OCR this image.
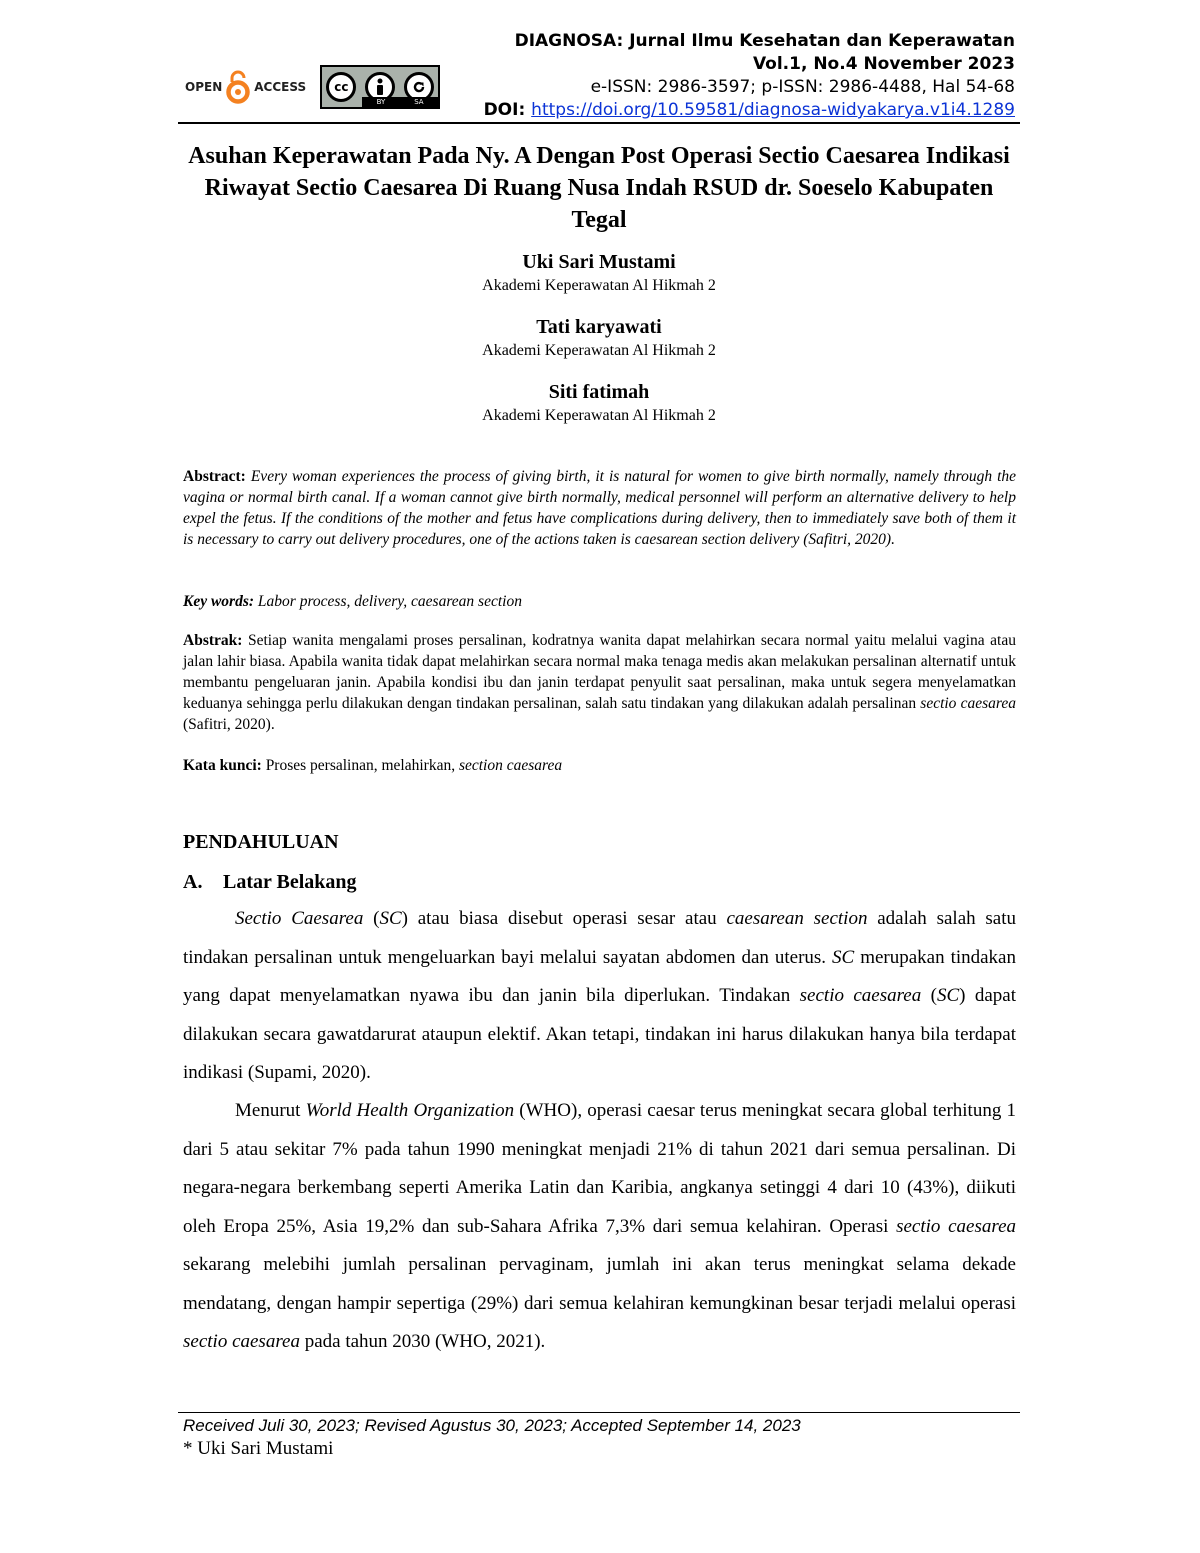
OPEN	ACCESS	cc
BY	SA
DIAGNOSA: Jurnal Ilmu Kesehatan dan Keperawatan
Vol.1, No.4 November 2023
e-ISSN: 2986-3597; p-ISSN: 2986-4488, Hal 54-68
DOI: https://doi.org/10.59581/diagnosa-widyakarya.v1i4.1289
Asuhan Keperawatan Pada Ny. A Dengan Post Operasi Sectio Caesarea Indikasi Riwayat Sectio Caesarea Di Ruang Nusa Indah RSUD dr. Soeselo Kabupaten Tegal
Uki Sari Mustami
Akademi Keperawatan Al Hikmah 2
Tati karyawati
Akademi Keperawatan Al Hikmah 2
Siti fatimah
Akademi Keperawatan Al Hikmah 2

Abstract: Every woman experiences the process of giving birth, it is natural for women to give birth normally, namely through the vagina or normal birth canal. If a woman cannot give birth normally, medical personnel will perform an alternative delivery to help expel the fetus. If the conditions of the mother and fetus have complications during delivery, then to immediately save both of them it is necessary to carry out delivery procedures, one of the actions taken is caesarean section delivery (Safitri, 2020).

Key words: Labor process, delivery, caesarean section

Abstrak: Setiap wanita mengalami proses persalinan, kodratnya wanita dapat melahirkan secara normal yaitu melalui vagina atau jalan lahir biasa. Apabila wanita tidak dapat melahirkan secara normal maka tenaga medis akan melakukan persalinan alternatif untuk membantu pengeluaran janin. Apabila kondisi ibu dan janin terdapat penyulit saat persalinan, maka untuk segera menyelamatkan keduanya sehingga perlu dilakukan dengan tindakan persalinan, salah satu tindakan yang dilakukan adalah persalinan sectio caesarea (Safitri, 2020).

Kata kunci: Proses persalinan, melahirkan, section caesarea

PENDAHULUAN
A. Latar Belakang

Sectio Caesarea (SC) atau biasa disebut operasi sesar atau caesarean section adalah salah satu tindakan persalinan untuk mengeluarkan bayi melalui sayatan abdomen dan uterus. SC merupakan tindakan yang dapat menyelamatkan nyawa ibu dan janin bila diperlukan. Tindakan sectio caesarea (SC) dapat dilakukan secara gawatdarurat ataupun elektif. Akan tetapi, tindakan ini harus dilakukan hanya bila terdapat indikasi (Supami, 2020).

Menurut World Health Organization (WHO), operasi caesar terus meningkat secara global terhitung 1 dari 5 atau sekitar 7% pada tahun 1990 meningkat menjadi 21% di tahun 2021 dari semua persalinan. Di negara-negara berkembang seperti Amerika Latin dan Karibia, angkanya setinggi 4 dari 10 (43%), diikuti oleh Eropa 25%, Asia 19,2% dan sub-Sahara Afrika 7,3% dari semua kelahiran. Operasi sectio caesarea sekarang melebihi jumlah persalinan pervaginam, jumlah ini akan terus meningkat selama dekade mendatang, dengan hampir sepertiga (29%) dari semua kelahiran kemungkinan besar terjadi melalui operasi sectio caesarea pada tahun 2030 (WHO, 2021).

Received Juli 30, 2023; Revised Agustus 30, 2023; Accepted September 14, 2023
* Uki Sari Mustami
